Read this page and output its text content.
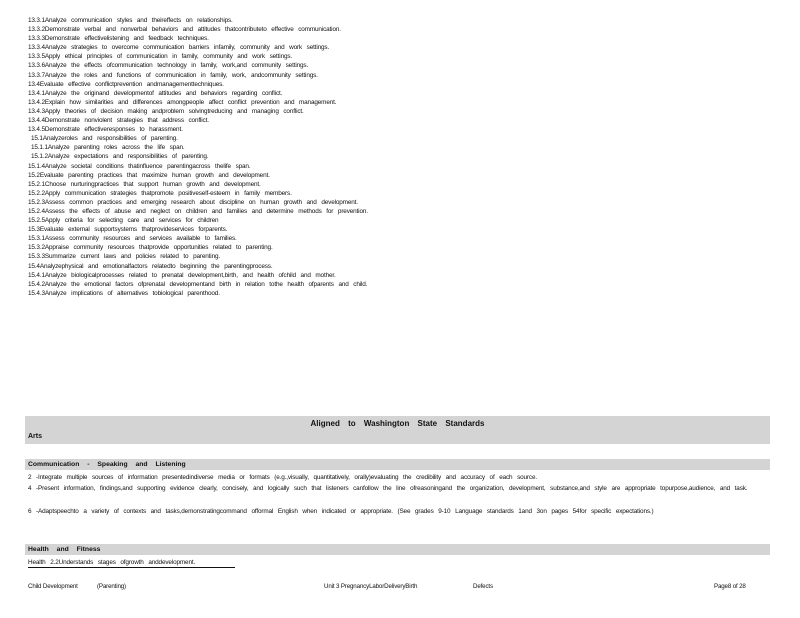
13.3.1Analyze communication styles and theireffects on relationships.
13.3.2Demonstrate verbal and nonverbal behaviors and attitudes thatcontributeto effective communication.
13.3.3Demonstrate effectivelistening and feedback techniques.
13.3.4Analyze strategies to overcome communication barriers infamily, community and work settings.
13.3.5Apply ethical principles of communication in family, community and work settings.
13.3.6Analyze the effects ofcommunication technology in family, work,and community settings.
13.3.7Analyze the roles and functions of communication in family, work, andcommunity settings.
13.4Evaluate effective conflictprevention andmanagementtechniques.
13.4.1Analyze the originand developmentof attitudes and behaviors regarding conflict.
13.4.2Explain how similarities and differences amongpeople affect conflict prevention and management.
13.4.3Apply theories of decision making andproblem solvingtreducing and managing conflict.
13.4.4Demonstrate nonviolent strategies that address conflict.
13.4.5Demonstrate effectiveresponses to harassment.
15.1Analyzeroles and responsibilities of parenting.
15.1.1Analyze parenting roles across the life span.
15.1.2Analyze expectations and responsibilities of parenting.
15.1.4Analyze societal conditions thatinfluence parentingacross thelife span.
15.2Evaluate parenting practices that maximize human growth and development.
15.2.1Choose nurturingpractices that support human growth and development.
15.2.2Apply communication strategies thatpromote positiveself-esteem in family members.
15.2.3Assess common practices and emerging research about discipline on human growth and development.
15.2.4Assess the effects of abuse and neglect on children and families and determine methods for prevention.
15.2.5Apply criteria for selecting care and services for children
15.3Evaluate external supportsystems thatprovideservices forparents.
15.3.1Assess community resources and services available to families.
15.3.2Appraise community resources thatprovide opportunities related to parenting.
15.3.3Summarize current laws and policies related to parenting.
15.4Analyzephysical and emotionalfactors relatedto beginning the parentingprocess.
15.4.1Analyze biologicalprocesses related to prenatal development,birth, and health ofchild and mother.
15.4.2Analyze the emotional factors ofprenatal developmentand birth in relation tothe health ofparents and child.
15.4.3Analyze implications of alternatives tobiological parenthood.
Aligned to Washington State Standards
Arts
Communication - Speaking and Listening
2 -Integrate multiple sources of information presentedindiverse media or formats (e.g.,visually, quantitatively, orally)evaluating the credibility and accuracy of each source.
4 -Present information, findings,and supporting evidence clearly, concisely, and logically such that listeners canfollow the line ofreasoningand the organization, development, substance,and style are appropriate topurpose,audience, and task.
6 -Adaptspeechto a variety of contexts and tasks,demonstratingcommand offormal English when indicated or appropriate. (See grades 9-10 Language standards 1and 3on pages 54for specific expectations.)
Health and Fitness
Health 2.2Understands stages ofgrowth anddevelopment.
Child Development	(Parenting)	Unit 3 PregnancyLaborDeliveryBirth	Defects	Page8 of 28
